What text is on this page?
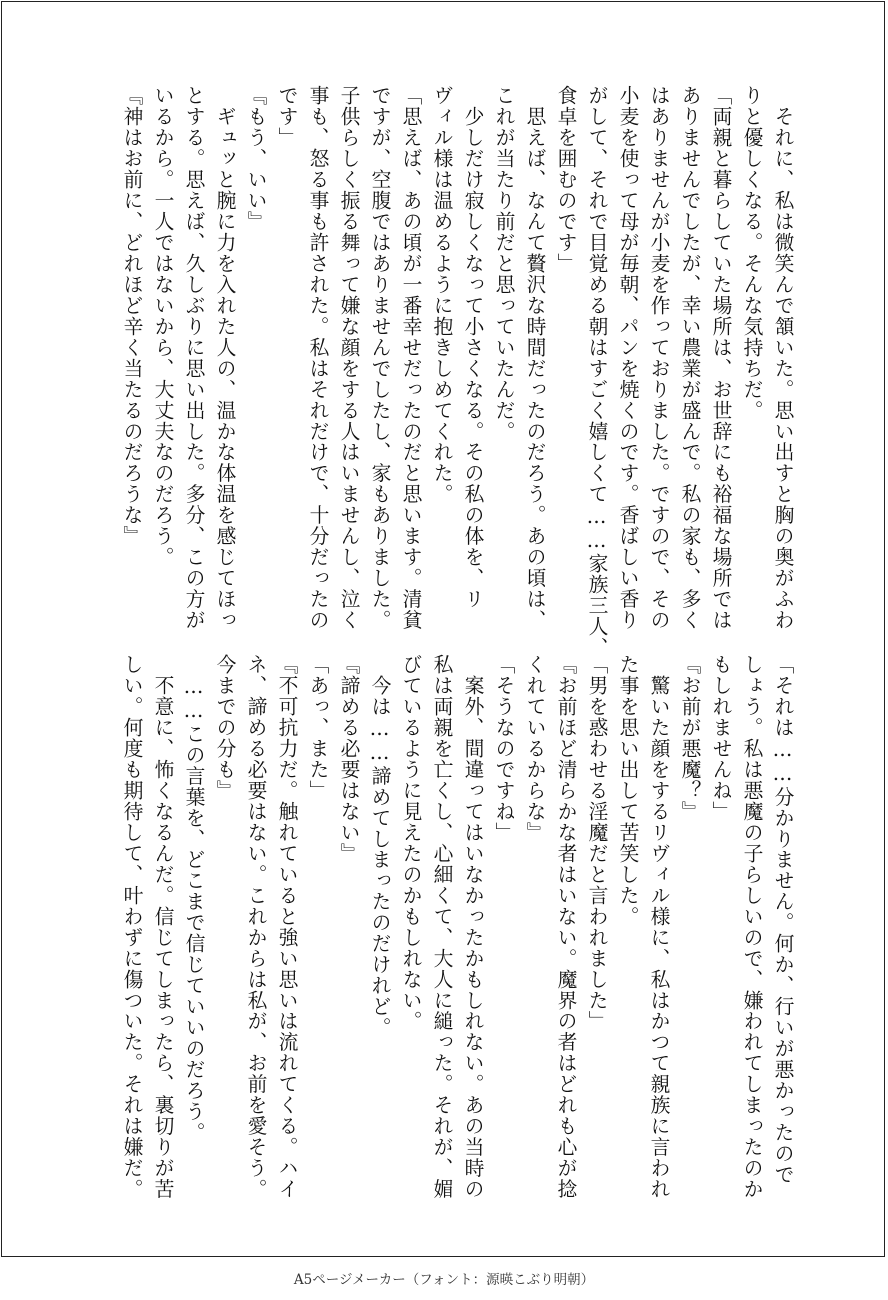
　それに、私は微笑んで頷いた。思い出すと胸の奥がふわ
りと優しくなる。そんな気持ちだ。
「両親と暮らしていた場所は、お世辞にも裕福な場所では
ありませんでしたが、幸い農業が盛んで。私の家も、多く
はありませんが小麦を作っておりました。ですので、その
小麦を使って母が毎朝、パンを焼くのです。香ばしい香り
がして、それで目覚める朝はすごく嬉しくて……家族三人、
食卓を囲むのです」
　思えば、なんて贅沢な時間だったのだろう。あの頃は、
これが当たり前だと思っていたんだ。
　少しだけ寂しくなって小さくなる。その私の体を、リ
ヴィル様は温めるように抱きしめてくれた。
「思えば、あの頃が一番幸せだったのだと思います。清貧
ですが、空腹ではありませんでしたし、家もありました。
子供らしく振る舞って嫌な顔をする人はいませんし、泣く
事も、怒る事も許された。私はそれだけで、十分だったの
です」
『もう、いい』
　ギュッと腕に力を入れた人の、温かな体温を感じてほっ
とする。思えば、久しぶりに思い出した。多分、この方が
いるから。一人ではないから、大丈夫なのだろう。
『神はお前に、どれほど辛く当たるのだろうな』
「それは……分かりません。何か、行いが悪かったので
しょう。私は悪魔の子らしいので、嫌われてしまったのか
もしれませんね」
『お前が悪魔？』
　驚いた顔をするリヴィル様に、私はかつて親族に言われ
た事を思い出して苦笑した。
「男を惑わせる淫魔だと言われました」
『お前ほど清らかな者はいない。魔界の者はどれも心が捻
くれているからな』
「そうなのですね」
　案外、間違ってはいなかったかもしれない。あの当時の
私は両親を亡くし、心細くて、大人に縋った。それが、媚
びているように見えたのかもしれない。
　今は……諦めてしまったのだけれど。
『諦める必要はない』
「あっ、また」
『不可抗力だ。触れていると強い思いは流れてくる。ハイ
ネ、諦める必要はない。これからは私が、お前を愛そう。
今までの分も』
　……この言葉を、どこまで信じていいのだろう。
　不意に、怖くなるんだ。信じてしまったら、裏切りが苦
しい。何度も期待して、叶わずに傷ついた。それは嫌だ。
A5ページメーカー（フォント：源暎こぶり明朝）
